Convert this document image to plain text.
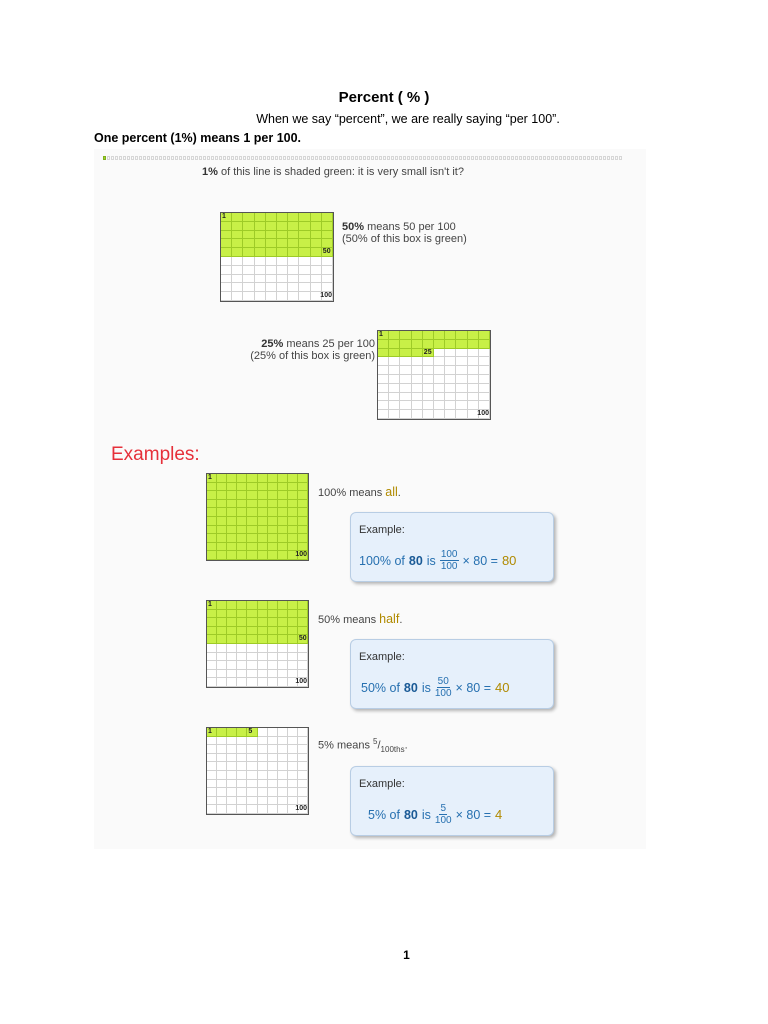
Percent ( % )
When we say “percent”, we are really saying “per 100”.
One percent (1%) means 1 per 100.
1% of this line is shaded green: it is very small isn't it?
1
50
100
50% means 50 per 100
(50% of this box is green)
1
25
100
25% means 25 per 100
(25% of this box is green)
Examples:
1
100
100% means all.
Example:
100% of 80 is $\frac{100}{100} \times 80 = 80$
1
50
100
50% means half.
Example:
50% of 80 is $\frac{50}{100} \times 80 = 40$
1	5
100
5% means $^5/_{100ths}$.
Example:
5% of 80 is $\frac{5}{100} \times 80 = 4$
1
